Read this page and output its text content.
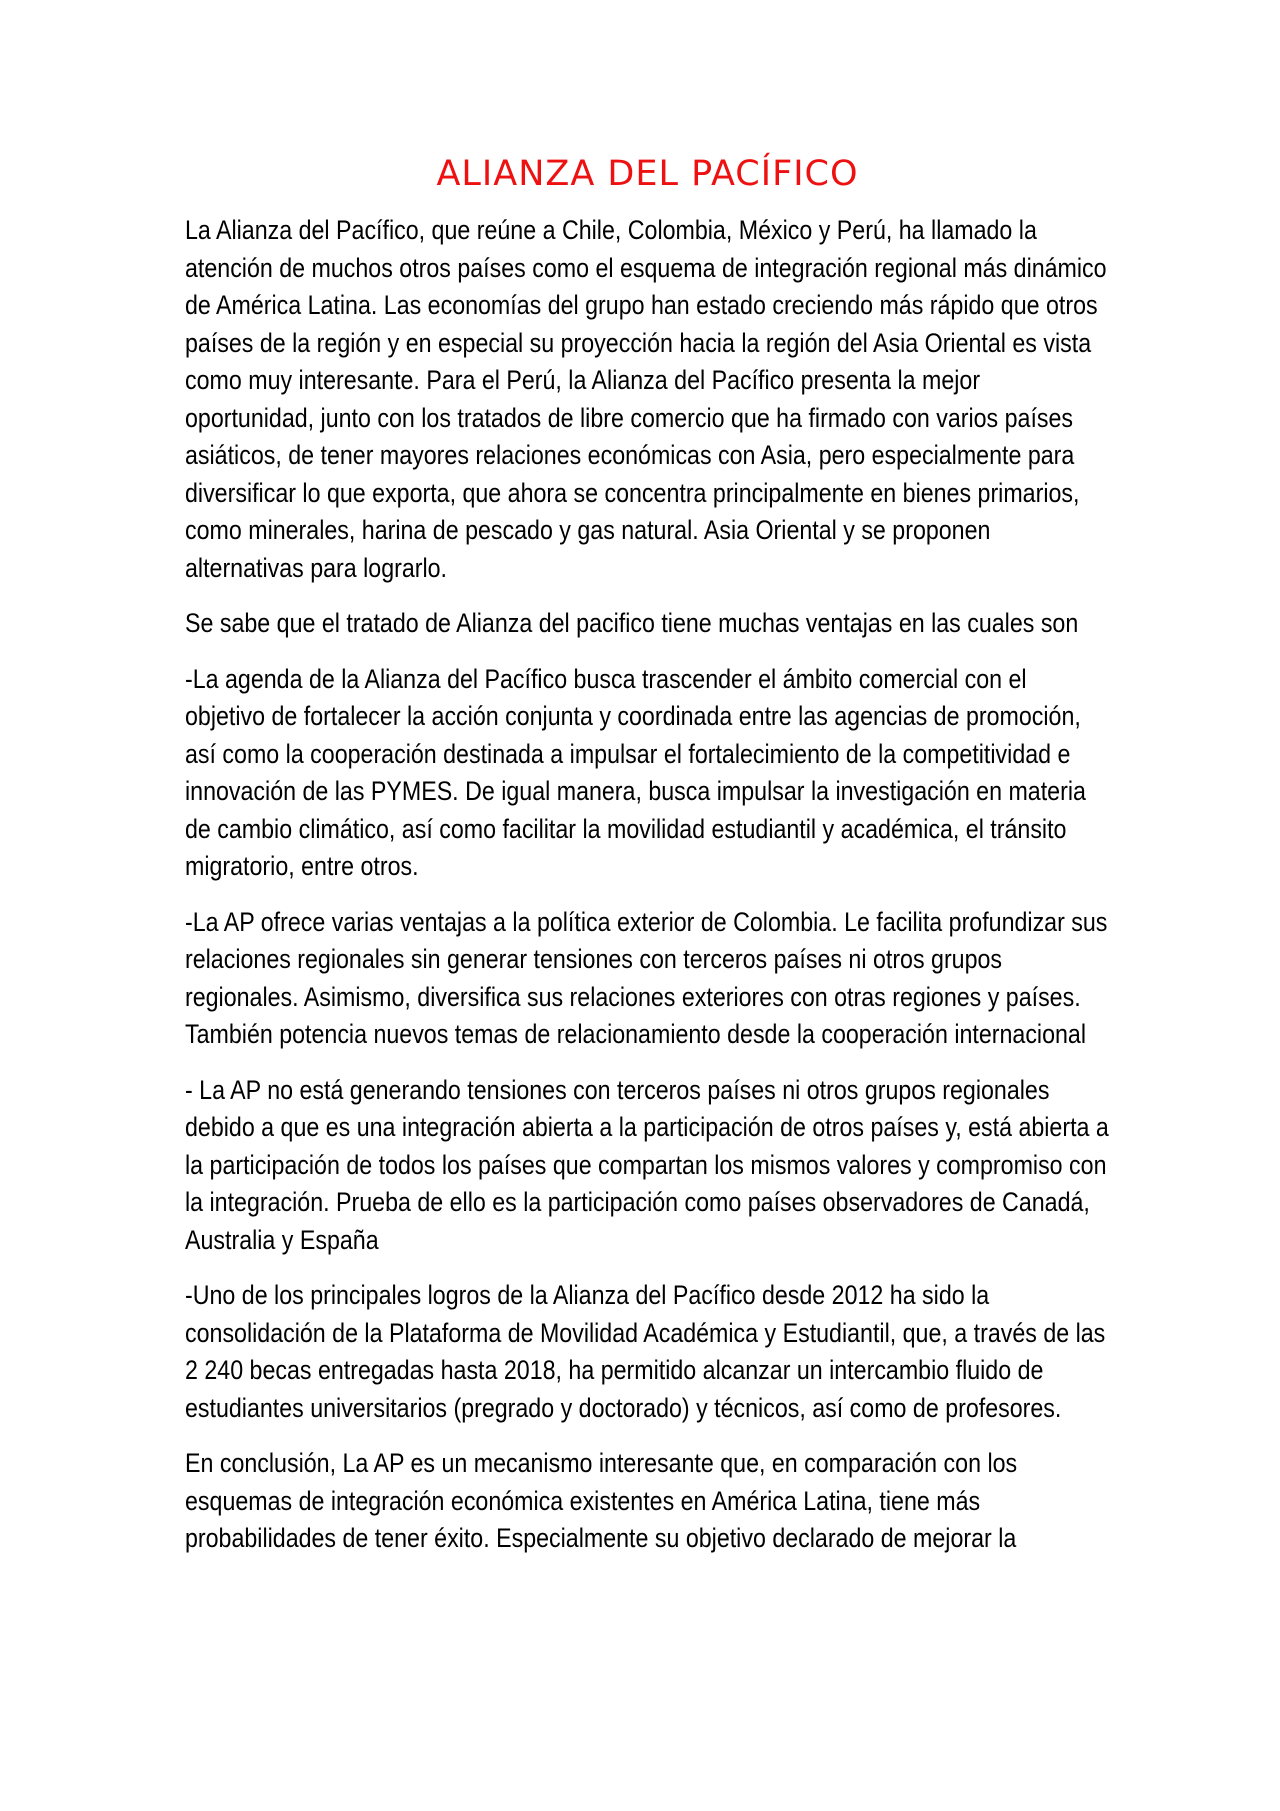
ALIANZA DEL PACÍFICO

La Alianza del Pacífico, que reúne a Chile, Colombia, México y Perú, ha llamado la atención de muchos otros países como el esquema de integración regional más dinámico de América Latina. Las economías del grupo han estado creciendo más rápido que otros países de la región y en especial su proyección hacia la región del Asia Oriental es vista como muy interesante. Para el Perú, la Alianza del Pacífico presenta la mejor oportunidad, junto con los tratados de libre comercio que ha firmado con varios países asiáticos, de tener mayores relaciones económicas con Asia, pero especialmente para diversificar lo que exporta, que ahora se concentra principalmente en bienes primarios, como minerales, harina de pescado y gas natural. Asia Oriental y se proponen alternativas para lograrlo.

Se sabe que el tratado de Alianza del pacifico tiene muchas ventajas en las cuales son

-La agenda de la Alianza del Pacífico busca trascender el ámbito comercial con el objetivo de fortalecer la acción conjunta y coordinada entre las agencias de promoción, así como la cooperación destinada a impulsar el fortalecimiento de la competitividad e innovación de las PYMES. De igual manera, busca impulsar la investigación en materia de cambio climático, así como facilitar la movilidad estudiantil y académica, el tránsito migratorio, entre otros.

-La AP ofrece varias ventajas a la política exterior de Colombia. Le facilita profundizar sus relaciones regionales sin generar tensiones con terceros países ni otros grupos regionales. Asimismo, diversifica sus relaciones exteriores con otras regiones y países. También potencia nuevos temas de relacionamiento desde la cooperación internacional

- La AP no está generando tensiones con terceros países ni otros grupos regionales debido a que es una integración abierta a la participación de otros países y, está abierta a la participación de todos los países que compartan los mismos valores y compromiso con la integración. Prueba de ello es la participación como países observadores de Canadá, Australia y España

-Uno de los principales logros de la Alianza del Pacífico desde 2012 ha sido la consolidación de la Plataforma de Movilidad Académica y Estudiantil, que, a través de las 2 240 becas entregadas hasta 2018, ha permitido alcanzar un intercambio fluido de estudiantes universitarios (pregrado y doctorado) y técnicos, así como de profesores.

En conclusión, La AP es un mecanismo interesante que, en comparación con los esquemas de integración económica existentes en América Latina, tiene más probabilidades de tener éxito. Especialmente su objetivo declarado de mejorar la
